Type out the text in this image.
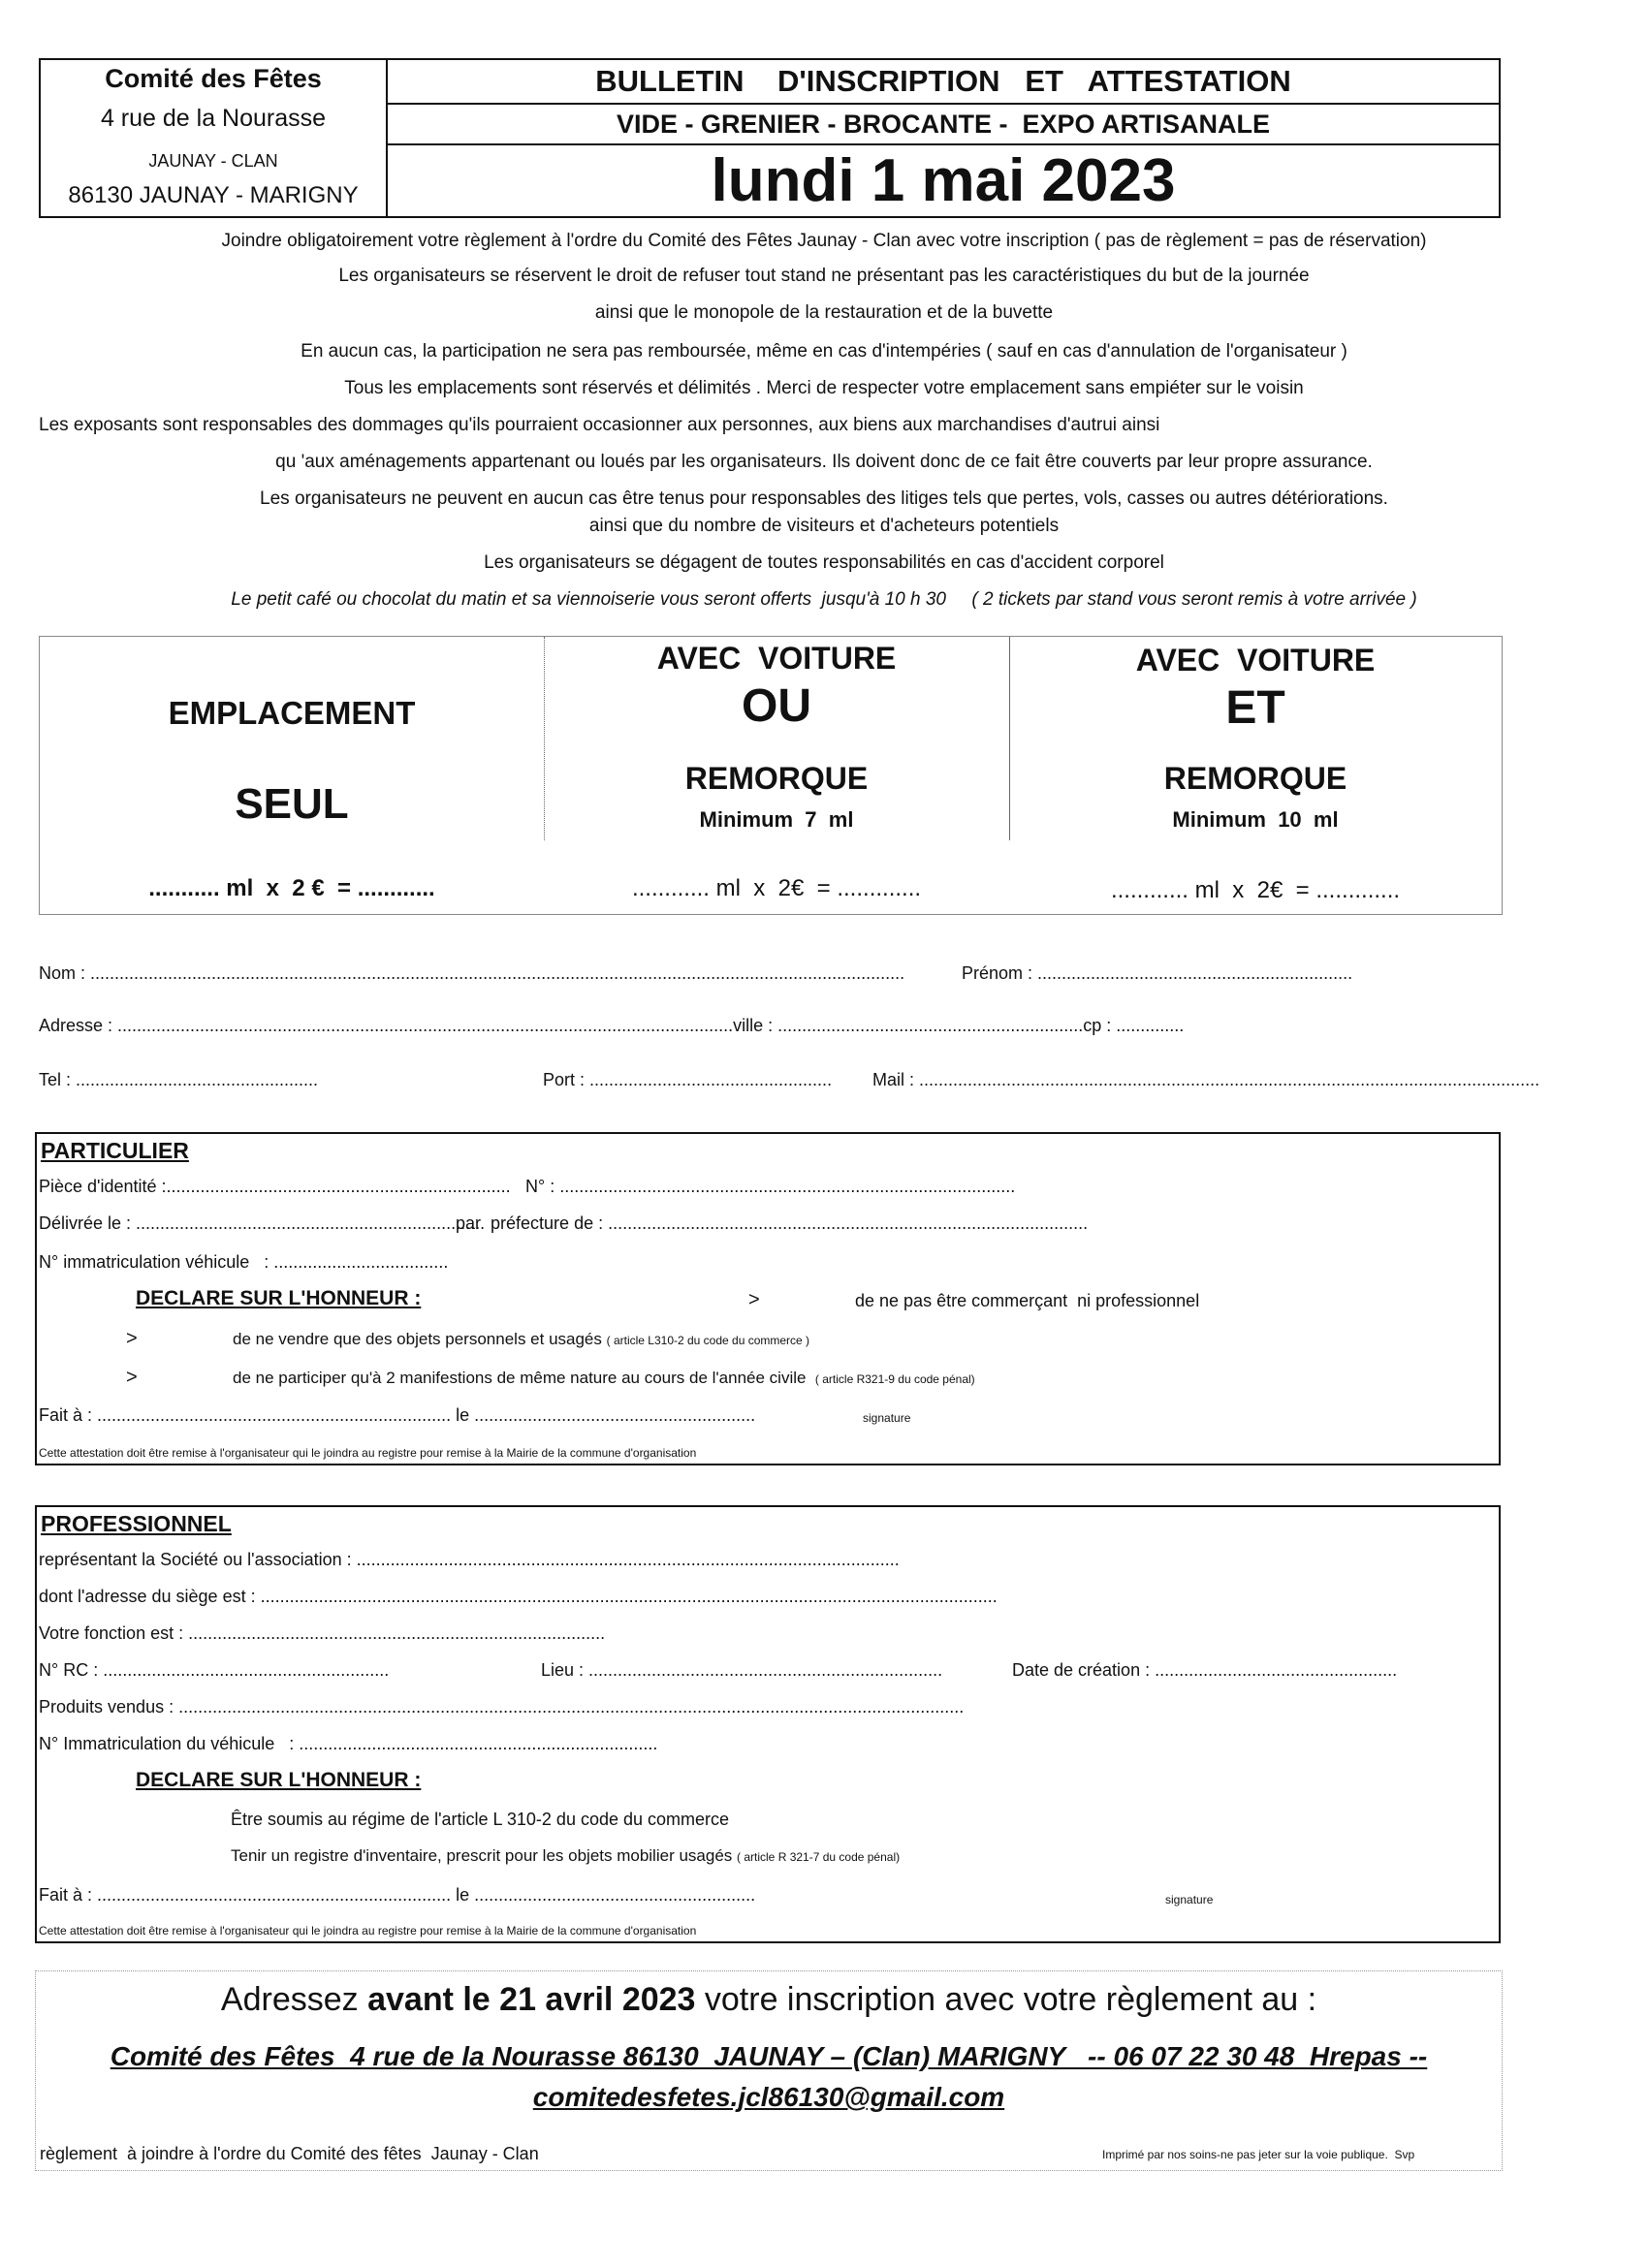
Comité des Fêtes
4 rue de la Nourasse
JAUNAY - CLAN
86130 JAUNAY - MARIGNY
BULLETIN    D'INSCRIPTION   ET   ATTESTATION
VIDE - GRENIER - BROCANTE -  EXPO ARTISANALE
lundi 1 mai 2023
Joindre obligatoirement votre règlement à l'ordre du Comité des Fêtes Jaunay - Clan avec votre inscription ( pas de règlement = pas de réservation)
Les organisateurs se réservent le droit de refuser tout stand ne présentant pas les caractéristiques du but de la journée
ainsi que le monopole de la restauration et de la buvette
En aucun cas, la participation ne sera pas remboursée, même en cas d'intempéries ( sauf en cas d'annulation de l'organisateur )
Tous les emplacements sont réservés et délimités . Merci de respecter votre emplacement sans empiéter sur le voisin
Les exposants sont responsables des dommages qu'ils pourraient occasionner aux personnes, aux biens aux marchandises d'autrui ainsi
qu 'aux aménagements appartenant ou loués par les organisateurs. Ils doivent donc de ce fait être couverts par leur propre assurance.
Les organisateurs ne peuvent en aucun cas être tenus pour responsables des litiges tels que pertes, vols, casses ou autres détériorations.
ainsi que du nombre de visiteurs et d'acheteurs potentiels
Les organisateurs se dégagent de toutes responsabilités en cas d'accident corporel
Le petit café ou chocolat du matin et sa viennoiserie vous seront offerts  jusqu'à 10 h 30     ( 2 tickets par stand vous seront remis à votre arrivée )
EMPLACEMENT
SEUL
........... ml  x  2 €  = ............
AVEC  VOITURE
OU
REMORQUE
Minimum  7  ml
............ ml  x  2€  = .............
AVEC  VOITURE
ET
REMORQUE
Minimum  10  ml
............ ml  x  2€  = .............
Nom : ........................................................................................................................................................................	Prénom : .................................................................
Adresse : ...............................................................................................................................ville : ...............................................................cp : ..............
Tel : ..................................................	Port : .................................................. Mail : ................................................................................................................................
PARTICULIER
Pièce d'identité :....................................................................... N° : ..............................................................................................
Délivrée le : ........................................................................
par  préfecture de : ...................................................................................................
N° immatriculation véhicule   : ....................................
DECLARE SUR L'HONNEUR :	>	de ne pas être commerçant  ni professionnel
>	de ne vendre que des objets personnels et usagés ( article L310-2 du code du commerce )
>	de ne participer qu'à 2 manifestions de même nature au cours de l'année civile ( article R321-9 du code pénal)
Fait à : ......................................................................... le ..........................................................	signature
Cette attestation doit être remise à l'organisateur qui le joindra au registre pour remise à la Mairie de la commune d'organisation
PROFESSIONNEL
représentant la Société ou l'association : ................................................................................................................
dont l'adresse du siège est : ........................................................................................................................................................
Votre fonction est : ......................................................................................
N° RC : ...........................................................	Lieu : .........................................................................	Date de création : ..................................................
Produits vendus : ..................................................................................................................................................................
N° Immatriculation du véhicule   : ..........................................................................
DECLARE SUR L'HONNEUR :
Être soumis au régime de l'article L 310-2 du code du commerce
Tenir un registre d'inventaire, prescrit pour les objets mobilier usagés ( article R 321-7 du code pénal)
Fait à : ......................................................................... le ..........................................................	signature
Cette attestation doit être remise à l'organisateur qui le joindra au registre pour remise à la Mairie de la commune d'organisation
Adressez avant le 21 avril 2023 votre inscription avec votre règlement au :
Comité des Fêtes  4 rue de la Nourasse 86130  JAUNAY – (Clan) MARIGNY   -- 06 07 22 30 48  Hrepas --
comitedesfetes.jcl86130@gmail.com
règlement  à joindre à l'ordre du Comité des fêtes  Jaunay - Clan	Imprimé par nos soins-ne pas jeter sur la voie publique.  Svp
